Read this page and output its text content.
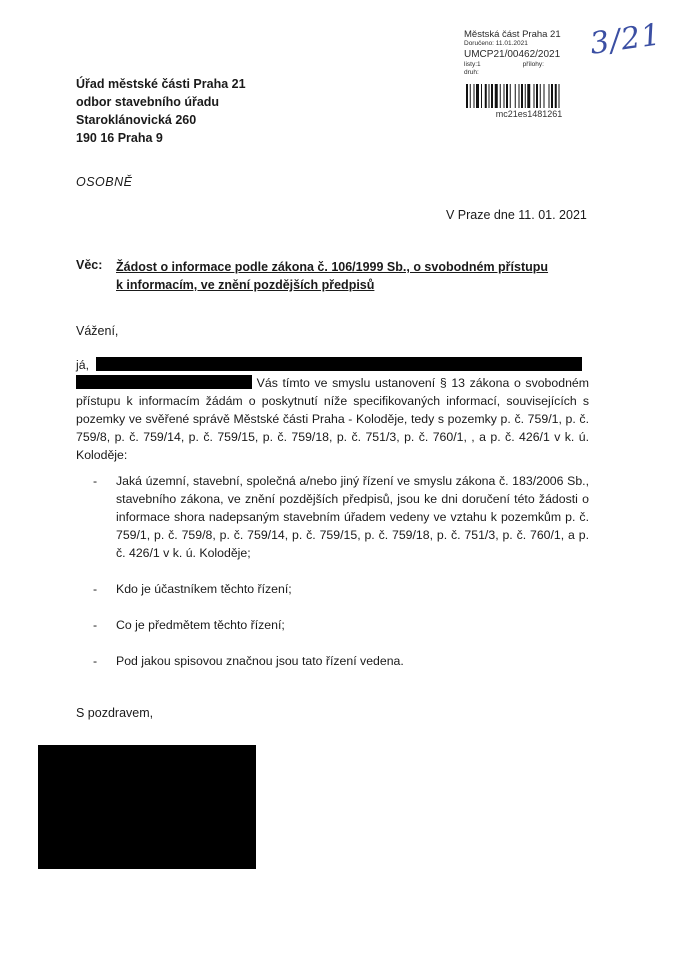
Městská část Praha 21
Doručeno: 11.01.2021
UMCP21/00462/2021
listy:1	přílohy:
druh:
3/21
mc21es1481261
Úřad městské části Praha 21
odbor stavebního úřadu
Staroklánovická 260
190 16 Praha 9
OSOBNĚ
V Praze dne 11. 01. 2021
Věc: Žádost o informace podle zákona č. 106/1999 Sb., o svobodném přístupu
k informacím, ve znění pozdějších předpisů
Vážení,
já,
Vás tímto ve smyslu ustanovení § 13 zákona o svobodném přístupu k informacím žádám o poskytnutí níže specifikovaných informací, souvisejících s pozemky ve svěřené správě Městské části Praha - Koloděje, tedy s pozemky p. č. 759/1, p. č. 759/8, p. č. 759/14, p. č. 759/15, p. č. 759/18, p. č. 751/3, p. č. 760/1, , a p. č. 426/1 v k. ú. Koloděje:
-	Jaká územní, stavební, společná a/nebo jiný řízení ve smyslu zákona č. 183/2006 Sb., stavebního zákona, ve znění pozdějších předpisů, jsou ke dni doručení této žádosti o informace shora nadepsaným stavebním úřadem vedeny ve vztahu k pozemkům p. č. 759/1, p. č. 759/8, p. č. 759/14, p. č. 759/15, p. č. 759/18, p. č. 751/3, p. č. 760/1, a p. č. 426/1 v k. ú. Koloděje;
-	Kdo je účastníkem těchto řízení;
-	Co je předmětem těchto řízení;
-	Pod jakou spisovou značnou jsou tato řízení vedena.
S pozdravem,
